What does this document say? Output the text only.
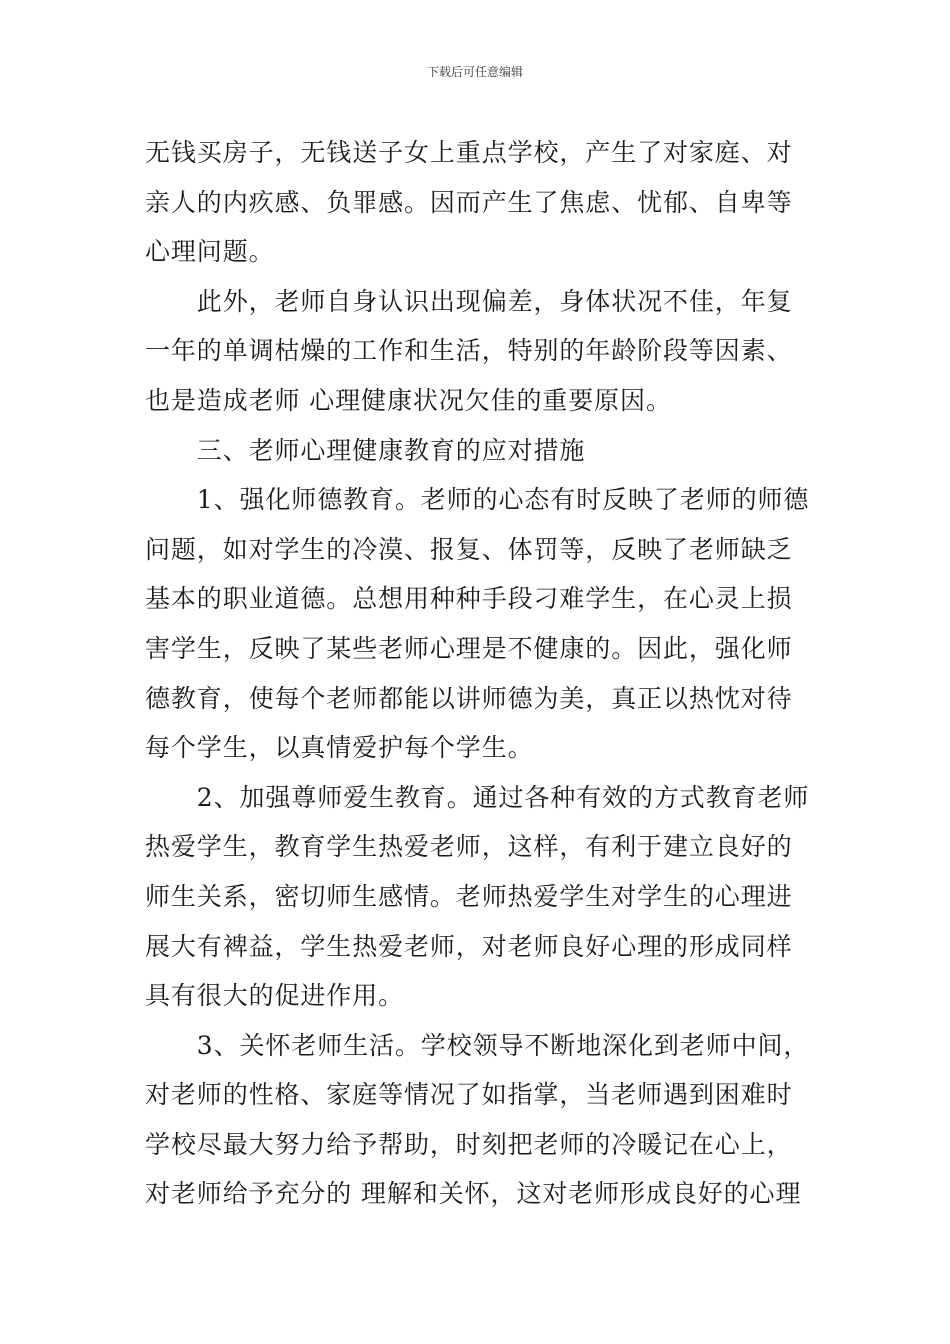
下载后可任意编辑
无钱买房子，无钱送子女上重点学校，产生了对家庭、对
亲人的内疚感、负罪感。因而产生了焦虑、忧郁、自卑等
心理问题。
　　此外，老师自身认识出现偏差，身体状况不佳，年复
一年的单调枯燥的工作和生活，特别的年龄阶段等因素、
也是造成老师 心理健康状况欠佳的重要原因。
　　三、老师心理健康教育的应对措施
　　1、强化师德教育。老师的心态有时反映了老师的师德
问题，如对学生的冷漠、报复、体罚等，反映了老师缺乏
基本的职业道德。总想用种种手段刁难学生，在心灵上损
害学生，反映了某些老师心理是不健康的。因此，强化师
德教育，使每个老师都能以讲师德为美，真正以热忱对待
每个学生，以真情爱护每个学生。
　　2、加强尊师爱生教育。通过各种有效的方式教育老师
热爱学生，教育学生热爱老师，这样，有利于建立良好的
师生关系，密切师生感情。老师热爱学生对学生的心理进
展大有裨益，学生热爱老师，对老师良好心理的形成同样
具有很大的促进作用。
　　3、关怀老师生活。学校领导不断地深化到老师中间，
对老师的性格、家庭等情况了如指掌，当老师遇到困难时
学校尽最大努力给予帮助，时刻把老师的冷暖记在心上，
对老师给予充分的 理解和关怀，这对老师形成良好的心理
